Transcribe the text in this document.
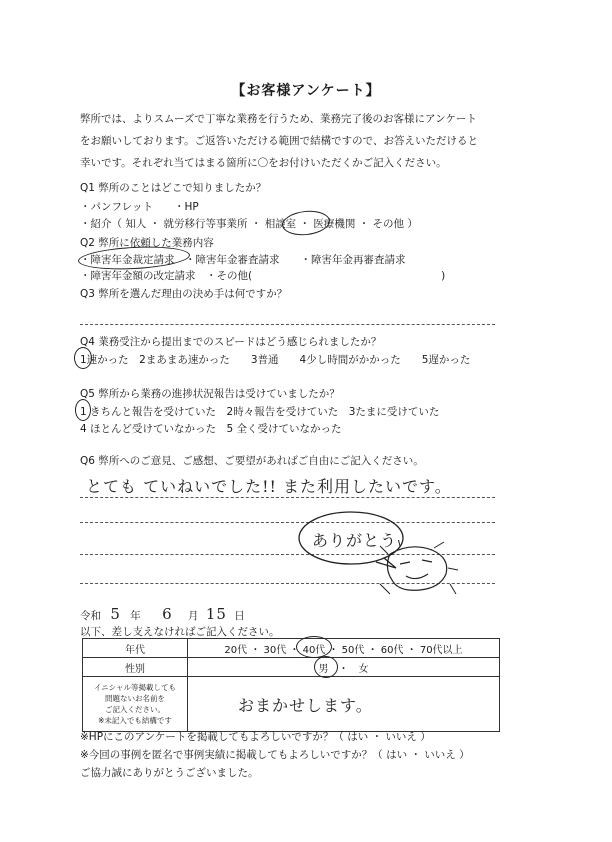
【お客様アンケート】
弊所では、よりスムーズで丁寧な業務を行うため、業務完了後のお客様にアンケート
をお願いしております。ご返答いただける範囲で結構ですので、お答えいただけると
幸いです。それぞれ当てはまる箇所に〇をお付けいただくかご記入ください。
Q1 弊所のことはどこで知りましたか？
・パンフレット　　・HP
・紹介（ 知人 ・ 就労移行等事業所 ・ 相談室 ・ 医療機関 ・ その他 ）
Q2 弊所に依頼した業務内容
・障害年金裁定請求　・障害年金審査請求　　・障害年金再審査請求
・障害年金額の改定請求　・その他(　　　　　　　　　　　　　　　　　　)
Q3 弊所を選んだ理由の決め手は何ですか？
Q4 業務受注から提出までのスピードはどう感じられましたか？
1速かった　2まあまあ速かった　　3普通　　4少し時間がかかった　　5遅かった
Q5 弊所から業務の進捗状況報告は受けていましたか？
1 きちんと報告を受けていた　2時々報告を受けていた　3たまに受けていた
4 ほとんど受けていなかった　5 全く受けていなかった
Q6 弊所へのご意見、ご感想、ご要望があればご自由にご記入ください。
とても ていねいでした!! また利用したいです。
ありがとう
令和 5 年 6 月 15 日
以下、差し支えなければご記入ください。
年代	20代 ・ 30代 ・ 40代 ・ 50代 ・ 60代 ・ 70代以上
性別	男　・　女

イニシャル等掲載しても
問題ないお名前を
ご記入ください。
※未記入でも結構です	おまかせします。
※HPにこのアンケートを掲載してもよろしいですか？（ はい ・ いいえ ）
※今回の事例を匿名で事例実績に掲載してもよろしいですか？（ はい ・ いいえ ）
ご協力誠にありがとうございました。
